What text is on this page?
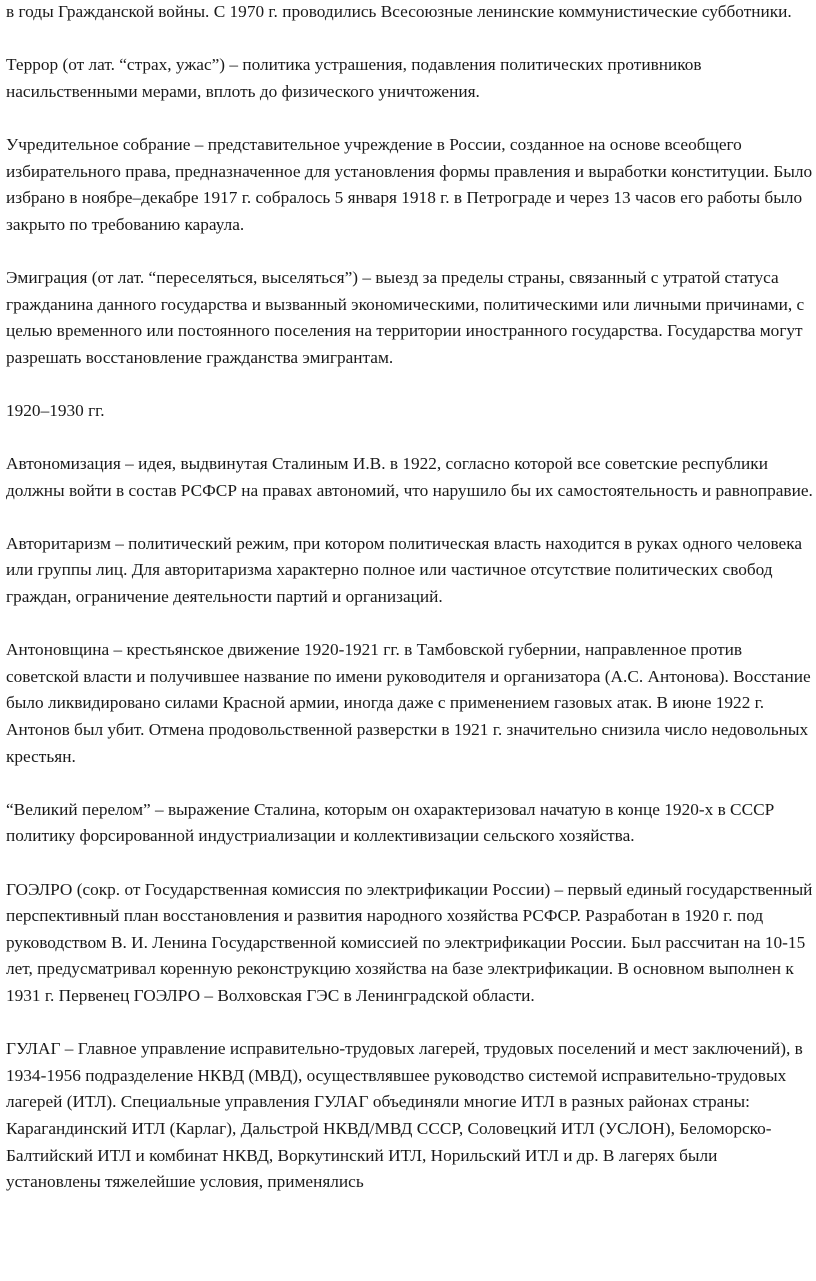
в годы Гражданской войны. С 1970 г. проводились Всесоюзные ленинские коммунистические субботники.

Террор (от лат. “страх, ужас”) – политика устрашения, подавления политических противников насильственными мерами, вплоть до физического уничтожения.

Учредительное собрание – представительное учреждение в России, созданное на основе всеобщего избирательного права, предназначенное для установления формы правления и выработки конституции. Было избрано в ноябре–декабре 1917 г. собралось 5 января 1918 г. в Петрограде и через 13 часов его работы было закрыто по требованию караула.

Эмиграция (от лат. “переселяться, выселяться”) – выезд за пределы страны, связанный с утратой статуса гражданина данного государства и вызванный экономическими, политическими или личными причинами, с целью временного или постоянного поселения на территории иностранного государства. Государства могут разрешать восстановление гражданства эмигрантам.

1920–1930 гг.

Автономизация – идея, выдвинутая Сталиным И.В. в 1922, согласно которой все советские республики должны войти в состав РСФСР на правах автономий, что нарушило бы их самостоятельность и равноправие.

Авторитаризм – политический режим, при котором политическая власть находится в руках одного человека или группы лиц. Для авторитаризма характерно полное или частичное отсутствие политических свобод граждан, ограничение деятельности партий и организаций.

Антоновщина – крестьянское движение 1920-1921 гг. в Тамбовской губернии, направленное против советской власти и получившее название по имени руководителя и организатора (А.С. Антонова). Восстание было ликвидировано силами Красной армии, иногда даже с применением газовых атак. В июне 1922 г. Антонов был убит. Отмена продовольственной разверстки в 1921 г. значительно снизила число недовольных крестьян.

“Великий перелом” – выражение Сталина, которым он охарактеризовал начатую в конце 1920-х в СССР политику форсированной индустриализации и коллективизации сельского хозяйства.

ГОЭЛРО (сокр. от Государственная комиссия по электрификации России) – первый единый государственный перспективный план восстановления и развития народного хозяйства РСФСР. Разработан в 1920 г. под руководством В. И. Ленина Государственной комиссией по электрификации России. Был рассчитан на 10-15 лет, предусматривал коренную реконструкцию хозяйства на базе электрификации. В основном выполнен к 1931 г. Первенец ГОЭЛРО – Волховская ГЭС в Ленинградской области.

ГУЛАГ – Главное управление исправительно-трудовых лагерей, трудовых поселений и мест заключений), в 1934-1956 подразделение НКВД (МВД), осуществлявшее руководство системой исправительно-трудовых лагерей (ИТЛ). Специальные управления ГУЛАГ объединяли многие ИТЛ в разных районах страны: Карагандинский ИТЛ (Карлаг), Дальстрой НКВД/МВД СССР, Соловецкий ИТЛ (УСЛОН), Беломорско-Балтийский ИТЛ и комбинат НКВД, Воркутинский ИТЛ, Норильский ИТЛ и др. В лагерях были установлены тяжелейшие условия, применялись
